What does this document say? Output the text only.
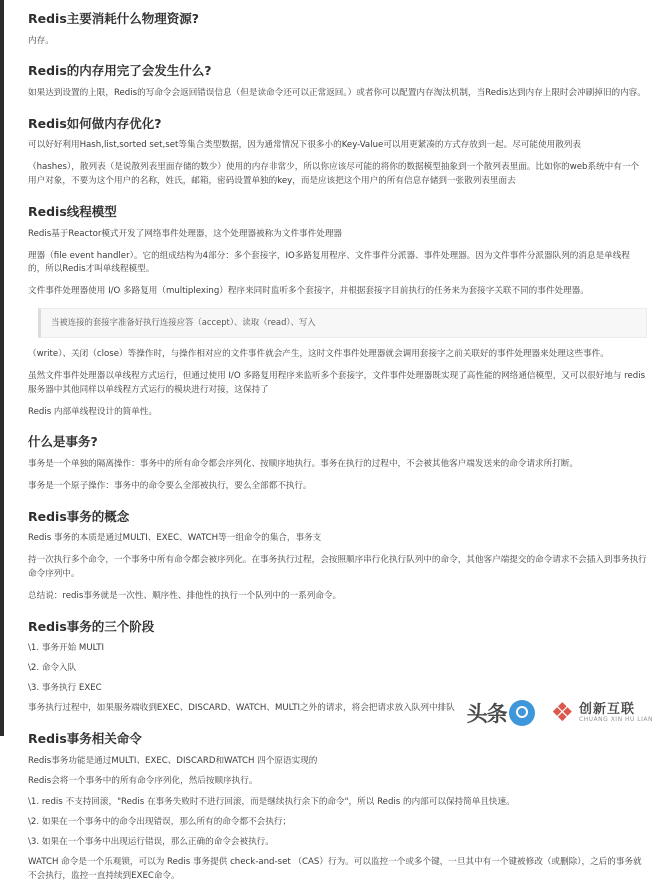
Redis主要消耗什么物理资源?

内存。

Redis的内存用完了会发生什么?

如果达到设置的上限，Redis的写命令会返回错误信息（但是读命令还可以正常返回。）或者你可以配置内存淘汰机制，当Redis达到内存上限时会冲刷掉旧的内容。

Redis如何做内存优化?

可以好好利用Hash,list,sorted set,set等集合类型数据，因为通常情况下很多小的Key-Value可以用更紧凑的方式存放到一起。尽可能使用散列表

（hashes），散列表（是说散列表里面存储的数少）使用的内存非常少，所以你应该尽可能的将你的数据模型抽象到一个散列表里面。比如你的web系统中有一个用户对象，不要为这个用户的名称，姓氏，邮箱，密码设置单独的key，而是应该把这个用户的所有信息存储到一张散列表里面去

Redis线程模型

Redis基于Reactor模式开发了网络事件处理器，这个处理器被称为文件事件处理器

理器（file event handler）。它的组成结构为4部分：多个套接字，IO多路复用程序、文件事件分派器、事件处理器。因为文件事件分派器队列的消息是单线程的，所以Redis才叫单线程模型。

文件事件处理器使用 I/O 多路复用（multiplexing）程序来同时监听多个套接字，并根据套接字目前执行的任务来为套接字关联不同的事件处理器。

当被连接的套接字准备好执行连接应答（accept）、读取（read）、写入

（write）、关闭（close）等操作时，与操作相对应的文件事件就会产生，这时文件事件处理器就会调用套接字之前关联好的事件处理器来处理这些事件。

虽然文件事件处理器以单线程方式运行，但通过使用 I/O 多路复用程序来监听多个套接字，文件事件处理器既实现了高性能的网络通信模型，又可以很好地与 redis 服务器中其他同样以单线程方式运行的模块进行对接，这保持了

Redis 内部单线程设计的简单性。

什么是事务?

事务是一个单独的隔离操作：事务中的所有命令都会序列化、按顺序地执行。事务在执行的过程中，不会被其他客户端发送来的命令请求所打断。

事务是一个原子操作：事务中的命令要么全部被执行，要么全部都不执行。

Redis事务的概念

Redis 事务的本质是通过MULTI、EXEC、WATCH等一组命令的集合，事务支

持一次执行多个命令，一个事务中所有命令都会被序列化。在事务执行过程，会按照顺序串行化执行队列中的命令，其他客户端提交的命令请求不会插入到事务执行命令序列中。

总结说：redis事务就是一次性、顺序性、排他性的执行一个队列中的一系列命令。

Redis事务的三个阶段

\1. 事务开始 MULTI

\2. 命令入队

\3. 事务执行 EXEC

事务执行过程中，如果服务端收到EXEC、DISCARD、WATCH、MULTI之外的请求，将会把请求放入队列中排队

Redis事务相关命令

Redis事务功能是通过MULTI、EXEC、DISCARD和WATCH 四个原语实现的

Redis会将一个事务中的所有命令序列化，然后按顺序执行。

\1. redis 不支持回滚，"Redis 在事务失败时不进行回滚，而是继续执行余下的命令"，所以 Redis 的内部可以保持简单且快速。

\2. 如果在一个事务中的命令出现错误，那么所有的命令都不会执行；

\3. 如果在一个事务中出现运行错误，那么正确的命令会被执行。

WATCH 命令是一个乐观锁，可以为 Redis 事务提供 check-and-set （CAS）行为。可以监控一个或多个键，一旦其中有一个键被修改（或删除），之后的事务就不会执行，监控一直持续到EXEC命令。

头条 ❖ 创新互联
CHUANG XIN HU LIAN
